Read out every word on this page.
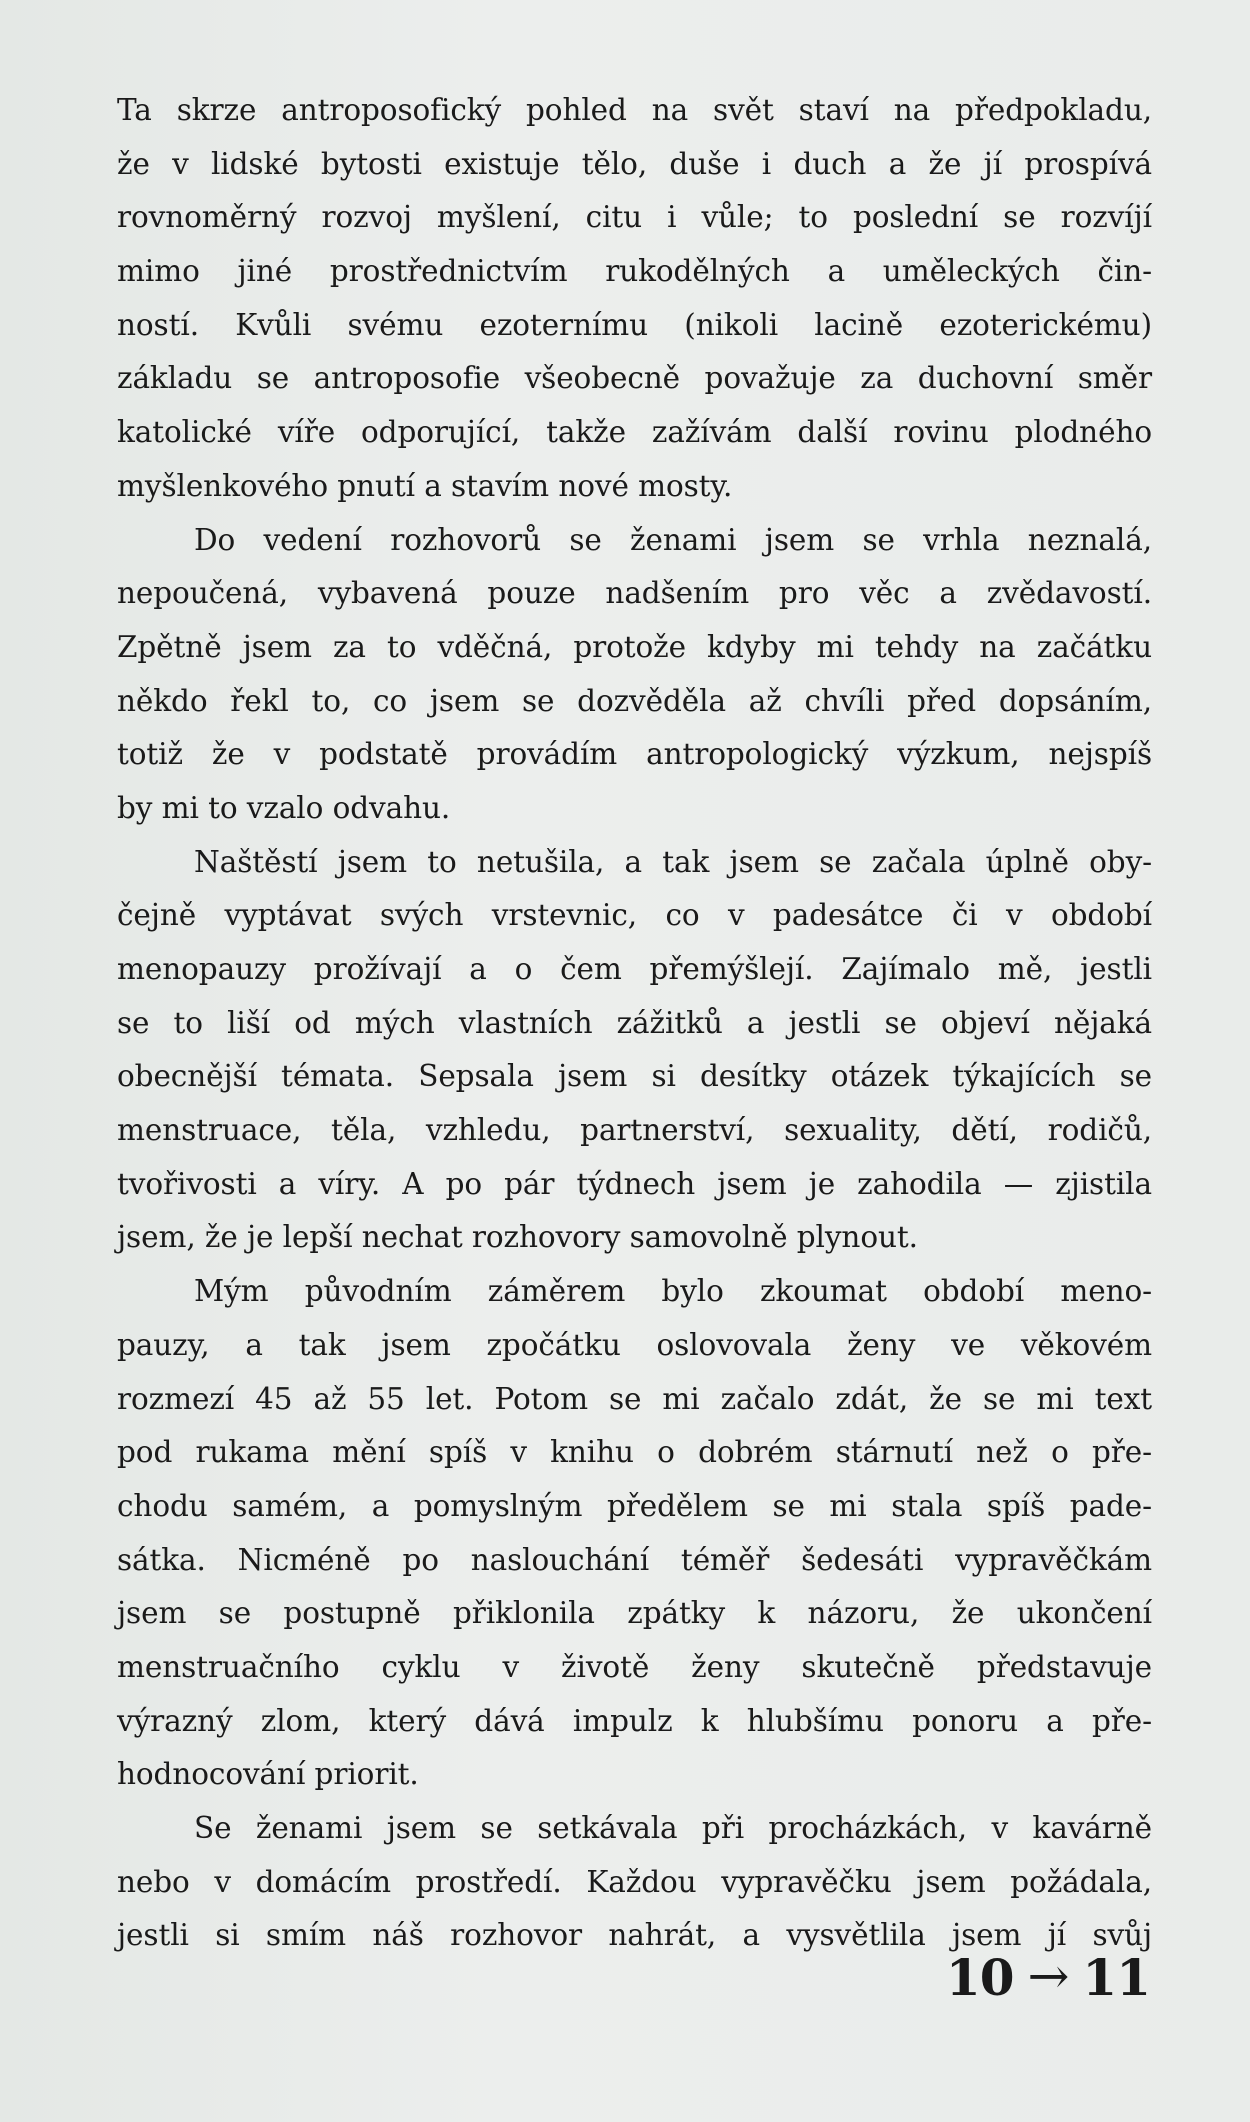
Ta skrze antroposofický pohled na svět staví na předpokladu,
že v lidské bytosti existuje tělo, duše i duch a že jí prospívá
rovnoměrný rozvoj myšlení, citu i vůle; to poslední se rozvíjí
mimo jiné prostřednictvím rukodělných a uměleckých čin-
ností. Kvůli svému ezoternímu (nikoli lacině ezoterickému)
základu se antroposofie všeobecně považuje za duchovní směr
katolické víře odporující, takže zažívám další rovinu plodného
myšlenkového pnutí a stavím nové mosty.
Do vedení rozhovorů se ženami jsem se vrhla neznalá,
nepoučená, vybavená pouze nadšením pro věc a zvědavostí.
Zpětně jsem za to vděčná, protože kdyby mi tehdy na začátku
někdo řekl to, co jsem se dozvěděla až chvíli před dopsáním,
totiž že v podstatě provádím antropologický výzkum, nejspíš
by mi to vzalo odvahu.
Naštěstí jsem to netušila, a tak jsem se začala úplně oby-
čejně vyptávat svých vrstevnic, co v padesátce či v období
menopauzy prožívají a o čem přemýšlejí. Zajímalo mě, jestli
se to liší od mých vlastních zážitků a jestli se objeví nějaká
obecnější témata. Sepsala jsem si desítky otázek týkajících se
menstruace, těla, vzhledu, partnerství, sexuality, dětí, rodičů,
tvořivosti a víry. A po pár týdnech jsem je zahodila — zjistila
jsem, že je lepší nechat rozhovory samovolně plynout.
Mým původním záměrem bylo zkoumat období meno-
pauzy, a tak jsem zpočátku oslovovala ženy ve věkovém
rozmezí 45 až 55 let. Potom se mi začalo zdát, že se mi text
pod rukama mění spíš v knihu o dobrém stárnutí než o pře-
chodu samém, a pomyslným předělem se mi stala spíš pade-
sátka. Nicméně po naslouchání téměř šedesáti vypravěčkám
jsem se postupně přiklonila zpátky k názoru, že ukončení
menstruačního cyklu v životě ženy skutečně představuje
výrazný zlom, který dává impulz k hlubšímu ponoru a pře-
hodnocování priorit.
Se ženami jsem se setkávala při procházkách, v kavárně
nebo v domácím prostředí. Každou vypravěčku jsem požádala,
jestli si smím náš rozhovor nahrát, a vysvětlila jsem jí svůj
10 → 11
